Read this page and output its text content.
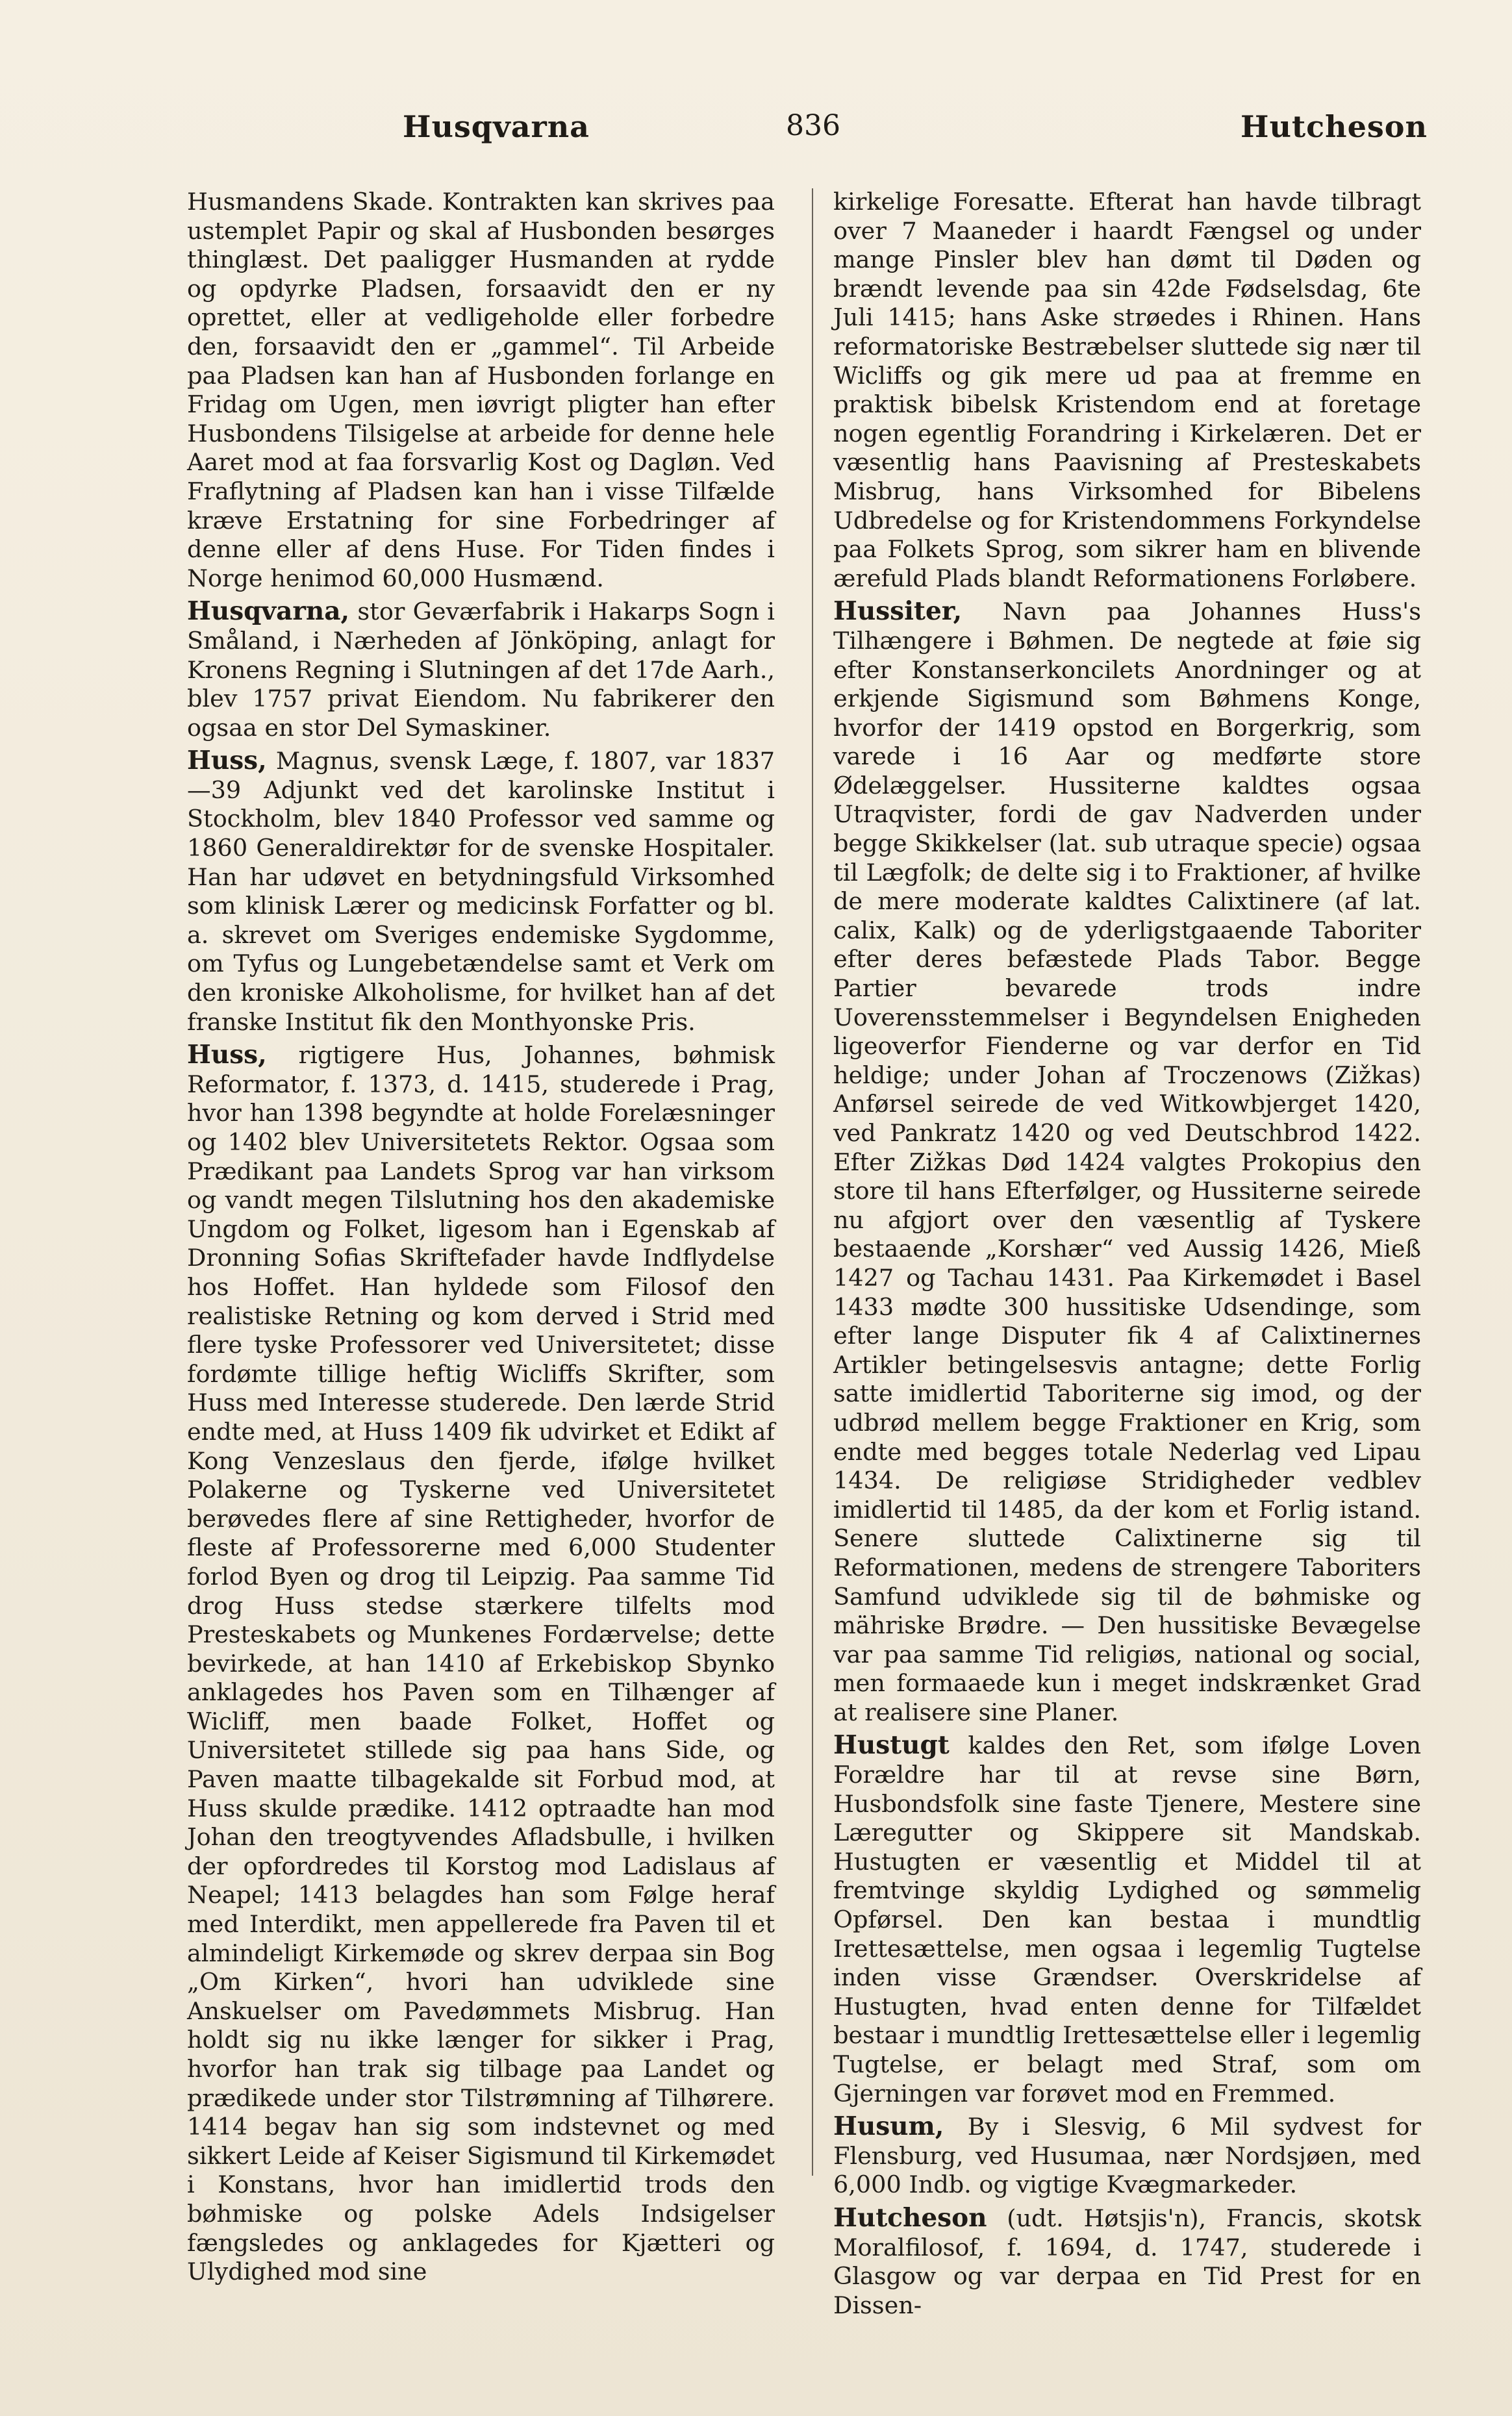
Husqvarna	836	Hutcheson

Husmandens Skade. Kontrakten kan skrives paa ustemplet Papir og skal af Husbonden besørges thinglæst. Det paaligger Husmanden at rydde og opdyrke Pladsen, forsaavidt den er ny oprettet, eller at vedligeholde eller forbedre den, forsaavidt den er „gammel“. Til Arbeide paa Pladsen kan han af Husbonden forlange en Fridag om Ugen, men iøvrigt pligter han efter Husbondens Tilsigelse at arbeide for denne hele Aaret mod at faa forsvarlig Kost og Dagløn. Ved Fraflytning af Pladsen kan han i visse Tilfælde kræve Erstatning for sine Forbedringer af denne eller af dens Huse. For Tiden findes i Norge henimod 60,000 Husmænd.

Husqvarna, stor Geværfabrik i Hakarps Sogn i Småland, i Nærheden af Jönköping, anlagt for Kronens Regning i Slutningen af det 17de Aarh., blev 1757 privat Eiendom. Nu fabrikerer den ogsaa en stor Del Symaskiner.

Huss, Magnus, svensk Læge, f. 1807, var 1837—39 Adjunkt ved det karolinske Institut i Stockholm, blev 1840 Professor ved samme og 1860 Generaldirektør for de svenske Hospitaler. Han har udøvet en betydningsfuld Virksomhed som klinisk Lærer og medicinsk Forfatter og bl. a. skrevet om Sveriges endemiske Sygdomme, om Tyfus og Lungebetændelse samt et Verk om den kroniske Alkoholisme, for hvilket han af det franske Institut fik den Monthyonske Pris.

Huss, rigtigere Hus, Johannes, bøhmisk Reformator, f. 1373, d. 1415, studerede i Prag, hvor han 1398 begyndte at holde Forelæsninger og 1402 blev Universitetets Rektor. Ogsaa som Prædikant paa Landets Sprog var han virksom og vandt megen Tilslutning hos den akademiske Ungdom og Folket, ligesom han i Egenskab af Dronning Sofias Skriftefader havde Indflydelse hos Hoffet. Han hyldede som Filosof den realistiske Retning og kom derved i Strid med flere tyske Professorer ved Universitetet; disse fordømte tillige heftig Wicliffs Skrifter, som Huss med Interesse studerede. Den lærde Strid endte med, at Huss 1409 fik udvirket et Edikt af Kong Venzeslaus den fjerde, ifølge hvilket Polakerne og Tyskerne ved Universitetet berøvedes flere af sine Rettigheder, hvorfor de fleste af Professorerne med 6,000 Studenter forlod Byen og drog til Leipzig. Paa samme Tid drog Huss stedse stærkere tilfelts mod Presteskabets og Munkenes Fordærvelse; dette bevirkede, at han 1410 af Erkebiskop Sbynko anklagedes hos Paven som en Tilhænger af Wicliff, men baade Folket, Hoffet og Universitetet stillede sig paa hans Side, og Paven maatte tilbagekalde sit Forbud mod, at Huss skulde prædike. 1412 optraadte han mod Johan den treogtyvendes Afladsbulle, i hvilken der opfordredes til Korstog mod Ladislaus af Neapel; 1413 belagdes han som Følge heraf med Interdikt, men appellerede fra Paven til et almindeligt Kirkemøde og skrev derpaa sin Bog „Om Kirken“, hvori han udviklede sine Anskuelser om Pavedømmets Misbrug. Han holdt sig nu ikke længer for sikker i Prag, hvorfor han trak sig tilbage paa Landet og prædikede under stor Tilstrømning af Tilhørere. 1414 begav han sig som indstevnet og med sikkert Leide af Keiser Sigismund til Kirkemødet i Konstans, hvor han imidlertid trods den bøhmiske og polske Adels Indsigelser fængsledes og anklagedes for Kjætteri og Ulydighed mod sine

kirkelige Foresatte. Efterat han havde tilbragt over 7 Maaneder i haardt Fængsel og under mange Pinsler blev han dømt til Døden og brændt levende paa sin 42de Fødselsdag, 6te Juli 1415; hans Aske strøedes i Rhinen. Hans reformatoriske Bestræbelser sluttede sig nær til Wicliffs og gik mere ud paa at fremme en praktisk bibelsk Kristendom end at foretage nogen egentlig Forandring i Kirkelæren. Det er væsentlig hans Paavisning af Presteskabets Misbrug, hans Virksomhed for Bibelens Udbredelse og for Kristendommens Forkyndelse paa Folkets Sprog, som sikrer ham en blivende ærefuld Plads blandt Reformationens Forløbere.

Hussiter, Navn paa Johannes Huss's Tilhængere i Bøhmen. De negtede at føie sig efter Konstanserkoncilets Anordninger og at erkjende Sigismund som Bøhmens Konge, hvorfor der 1419 opstod en Borgerkrig, som varede i 16 Aar og medførte store Ødelæggelser. Hussiterne kaldtes ogsaa Utraqvister, fordi de gav Nadverden under begge Skikkelser (lat. sub utraque specie) ogsaa til Lægfolk; de delte sig i to Fraktioner, af hvilke de mere moderate kaldtes Calixtinere (af lat. calix, Kalk) og de yderligstgaaende Taboriter efter deres befæstede Plads Tabor. Begge Partier bevarede trods indre Uoverensstemmelser i Begyndelsen Enigheden ligeoverfor Fienderne og var derfor en Tid heldige; under Johan af Troczenows (Zižkas) Anførsel seirede de ved Witkowbjerget 1420, ved Pankratz 1420 og ved Deutschbrod 1422. Efter Zižkas Død 1424 valgtes Prokopius den store til hans Efterfølger, og Hussiterne seirede nu afgjort over den væsentlig af Tyskere bestaaende „Korshær“ ved Aussig 1426, Mieß 1427 og Tachau 1431. Paa Kirkemødet i Basel 1433 mødte 300 hussitiske Udsendinge, som efter lange Disputer fik 4 af Calixtinernes Artikler betingelsesvis antagne; dette Forlig satte imidlertid Taboriterne sig imod, og der udbrød mellem begge Fraktioner en Krig, som endte med begges totale Nederlag ved Lipau 1434. De religiøse Stridigheder vedblev imidlertid til 1485, da der kom et Forlig istand. Senere sluttede Calixtinerne sig til Reformationen, medens de strengere Taboriters Samfund udviklede sig til de bøhmiske og mähriske Brødre. — Den hussitiske Bevægelse var paa samme Tid religiøs, national og social, men formaaede kun i meget indskrænket Grad at realisere sine Planer.

Hustugt kaldes den Ret, som ifølge Loven Forældre har til at revse sine Børn, Husbondsfolk sine faste Tjenere, Mestere sine Læregutter og Skippere sit Mandskab. Hustugten er væsentlig et Middel til at fremtvinge skyldig Lydighed og sømmelig Opførsel. Den kan bestaa i mundtlig Irettesættelse, men ogsaa i legemlig Tugtelse inden visse Grændser. Overskridelse af Hustugten, hvad enten denne for Tilfældet bestaar i mundtlig Irettesættelse eller i legemlig Tugtelse, er belagt med Straf, som om Gjerningen var forøvet mod en Fremmed.

Husum, By i Slesvig, 6 Mil sydvest for Flensburg, ved Husumaa, nær Nordsjøen, med 6,000 Indb. og vigtige Kvægmarkeder.

Hutcheson (udt. Høtsjis'n), Francis, skotsk Moralfilosof, f. 1694, d. 1747, studerede i Glasgow og var derpaa en Tid Prest for en Dissen-
